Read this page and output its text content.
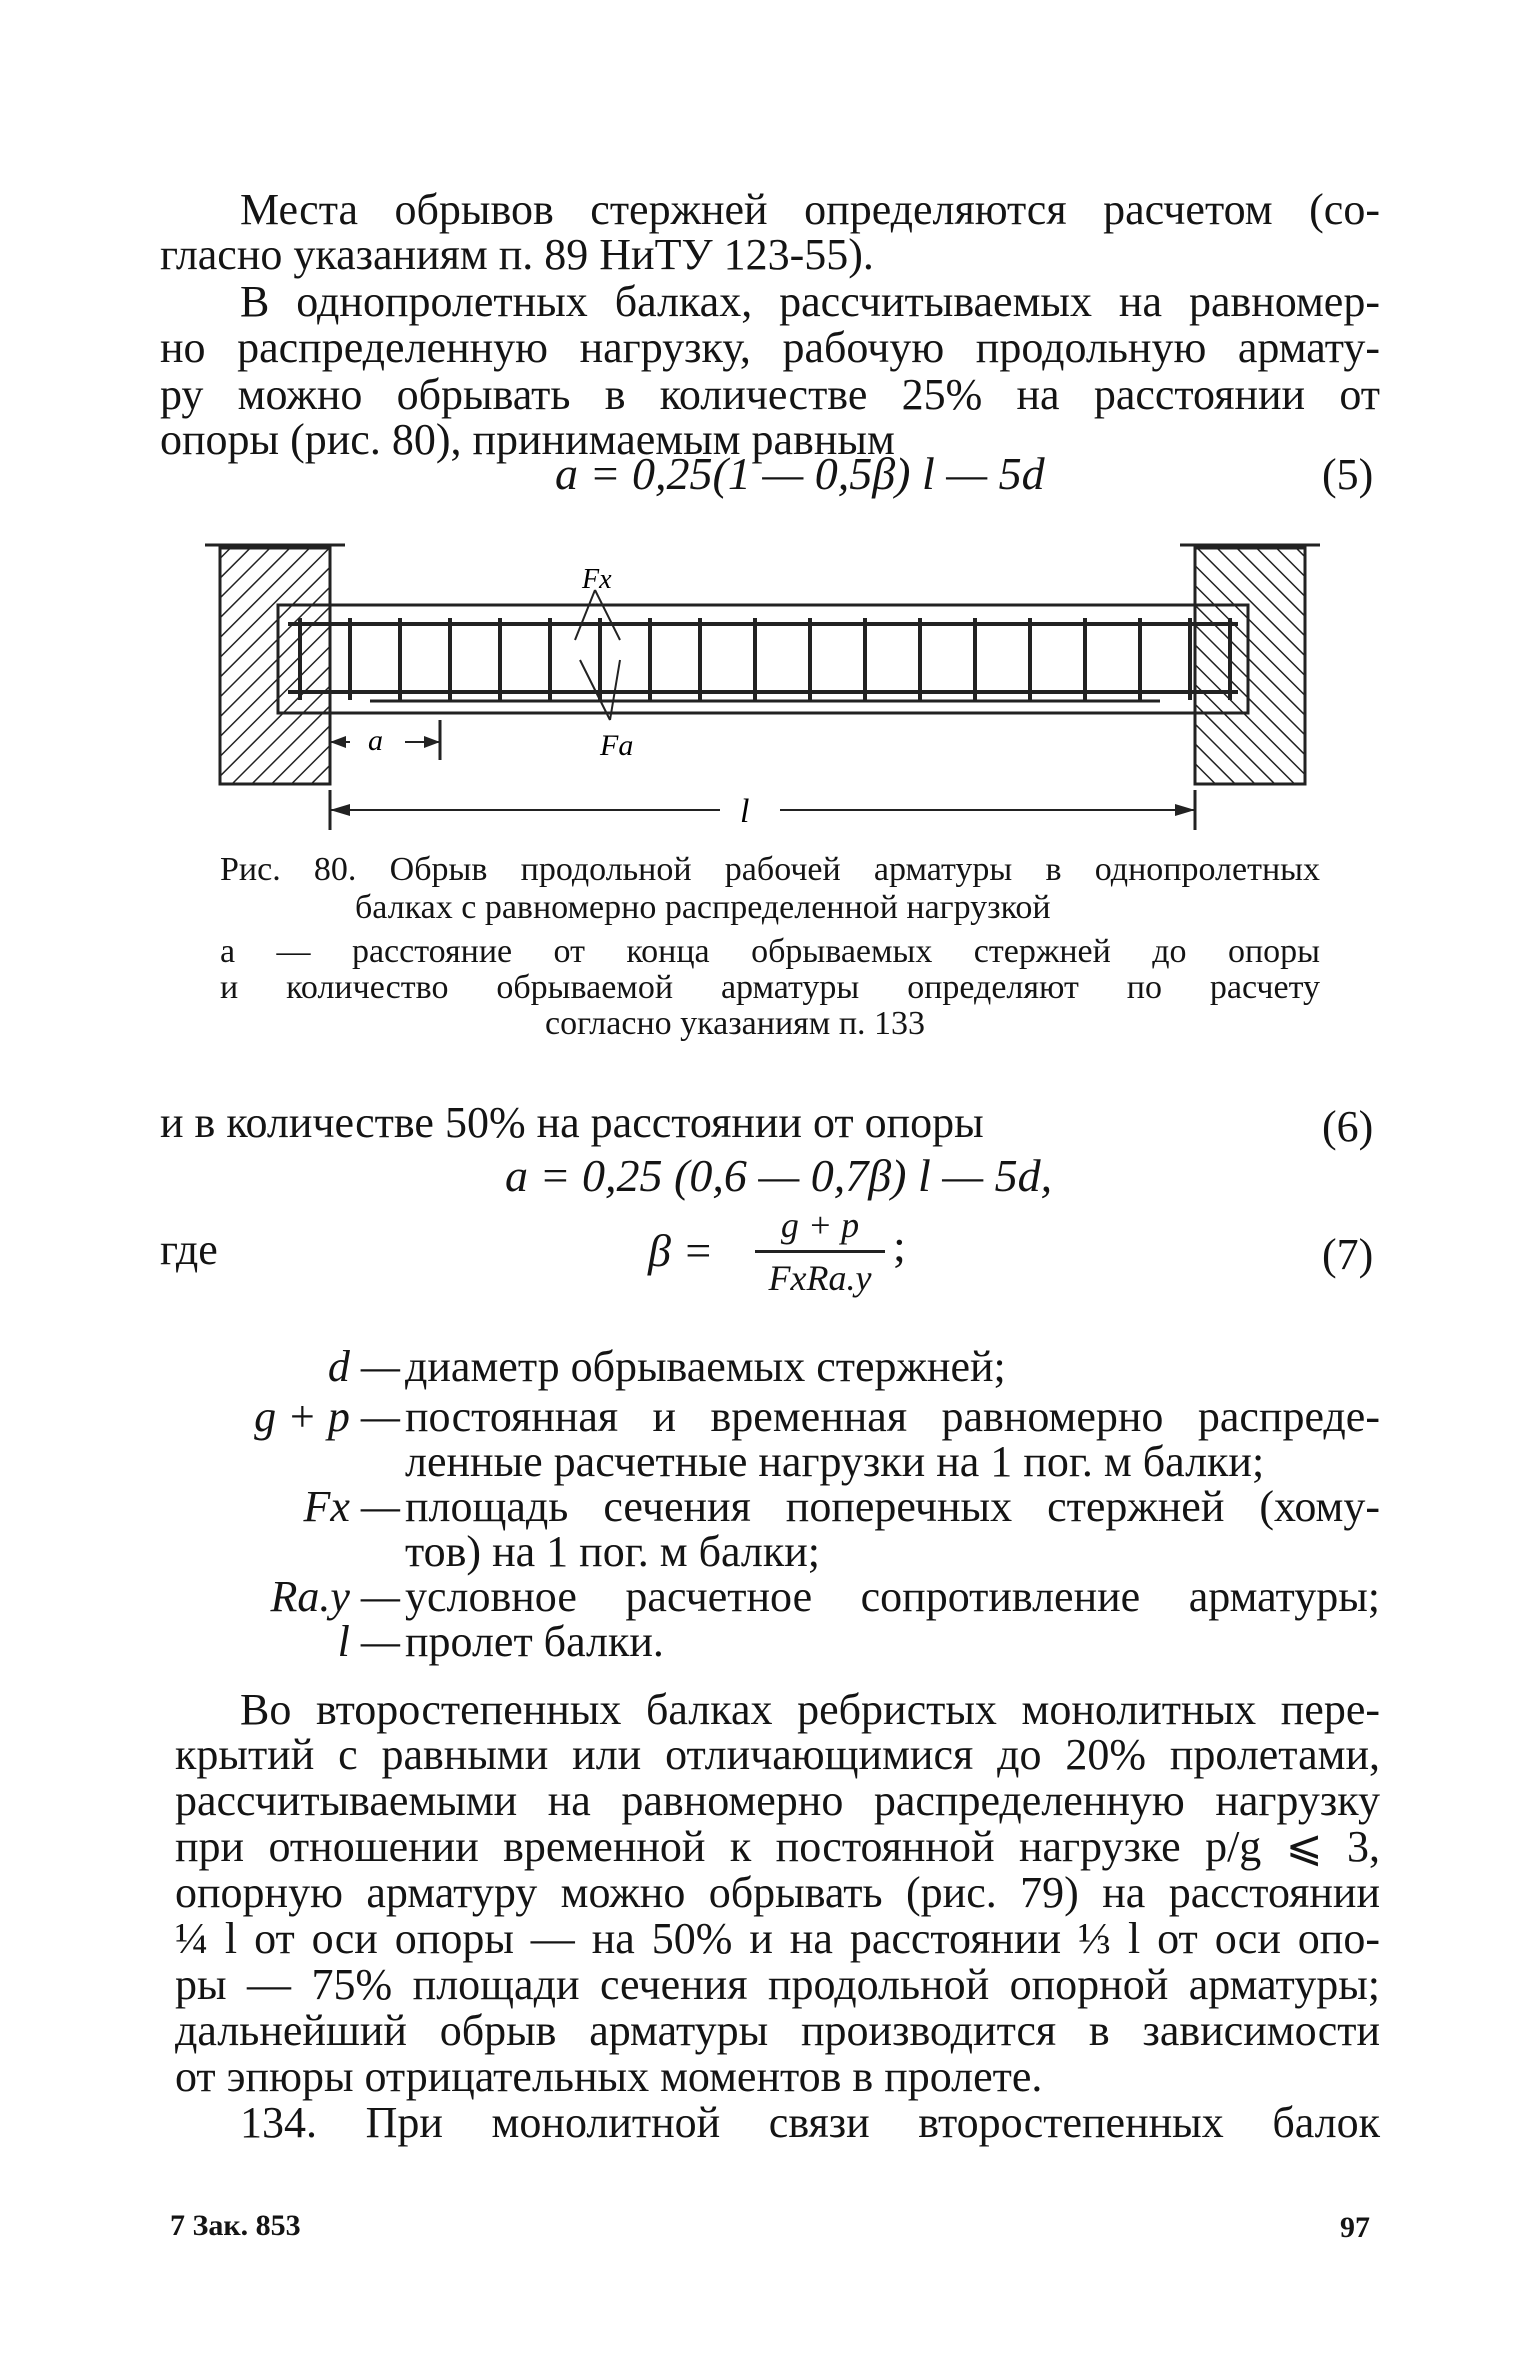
Места обрывов стержней определяются расчетом (со-
гласно указаниям п. 89 НиТУ 123-55).
В однопролетных балках, рассчитываемых на равномер-
но распределенную нагрузку, рабочую продольную армату-
ру можно обрывать в количестве 25% на расстоянии от
опоры (рис. 80), принимаемым равным
a = 0,25(1 — 0,5β) l — 5d	(5)
Fx
Fa
a
l
Рис. 80. Обрыв продольной рабочей арматуры в однопролетных
балках с равномерно распределенной нагрузкой
a — расстояние от конца обрываемых стержней до опоры
и количество обрываемой арматуры определяют по расчету
согласно указаниям п. 133
и в количестве 50% на расстоянии от опоры	(6)
a = 0,25 (0,6 — 0,7β) l — 5d,
где	β =	g + p
FxRa.y
;	(7)
d — диаметр обрываемых стержней;
g + p — постоянная и временная равномерно распреде-
ленные расчетные нагрузки на 1 пог. м балки;
Fx — площадь сечения поперечных стержней (хому-
тов) на 1 пог. м балки;
Ra.y — условное расчетное сопротивление арматуры;
l — пролет балки.
Во второстепенных балках ребристых монолитных пере-
крытий с равными или отличающимися до 20% пролетами,
рассчитываемыми на равномерно распределенную нагрузку
при отношении временной к постоянной нагрузке p/g ⩽ 3,
опорную арматуру можно обрывать (рис. 79) на расстоянии
¼ l от оси опоры — на 50% и на расстоянии ⅓ l от оси опо-
ры — 75% площади сечения продольной опорной арматуры;
дальнейший обрыв арматуры производится в зависимости
от эпюры отрицательных моментов в пролете.
134. При монолитной связи второстепенных балок
7 Зак. 853	97
